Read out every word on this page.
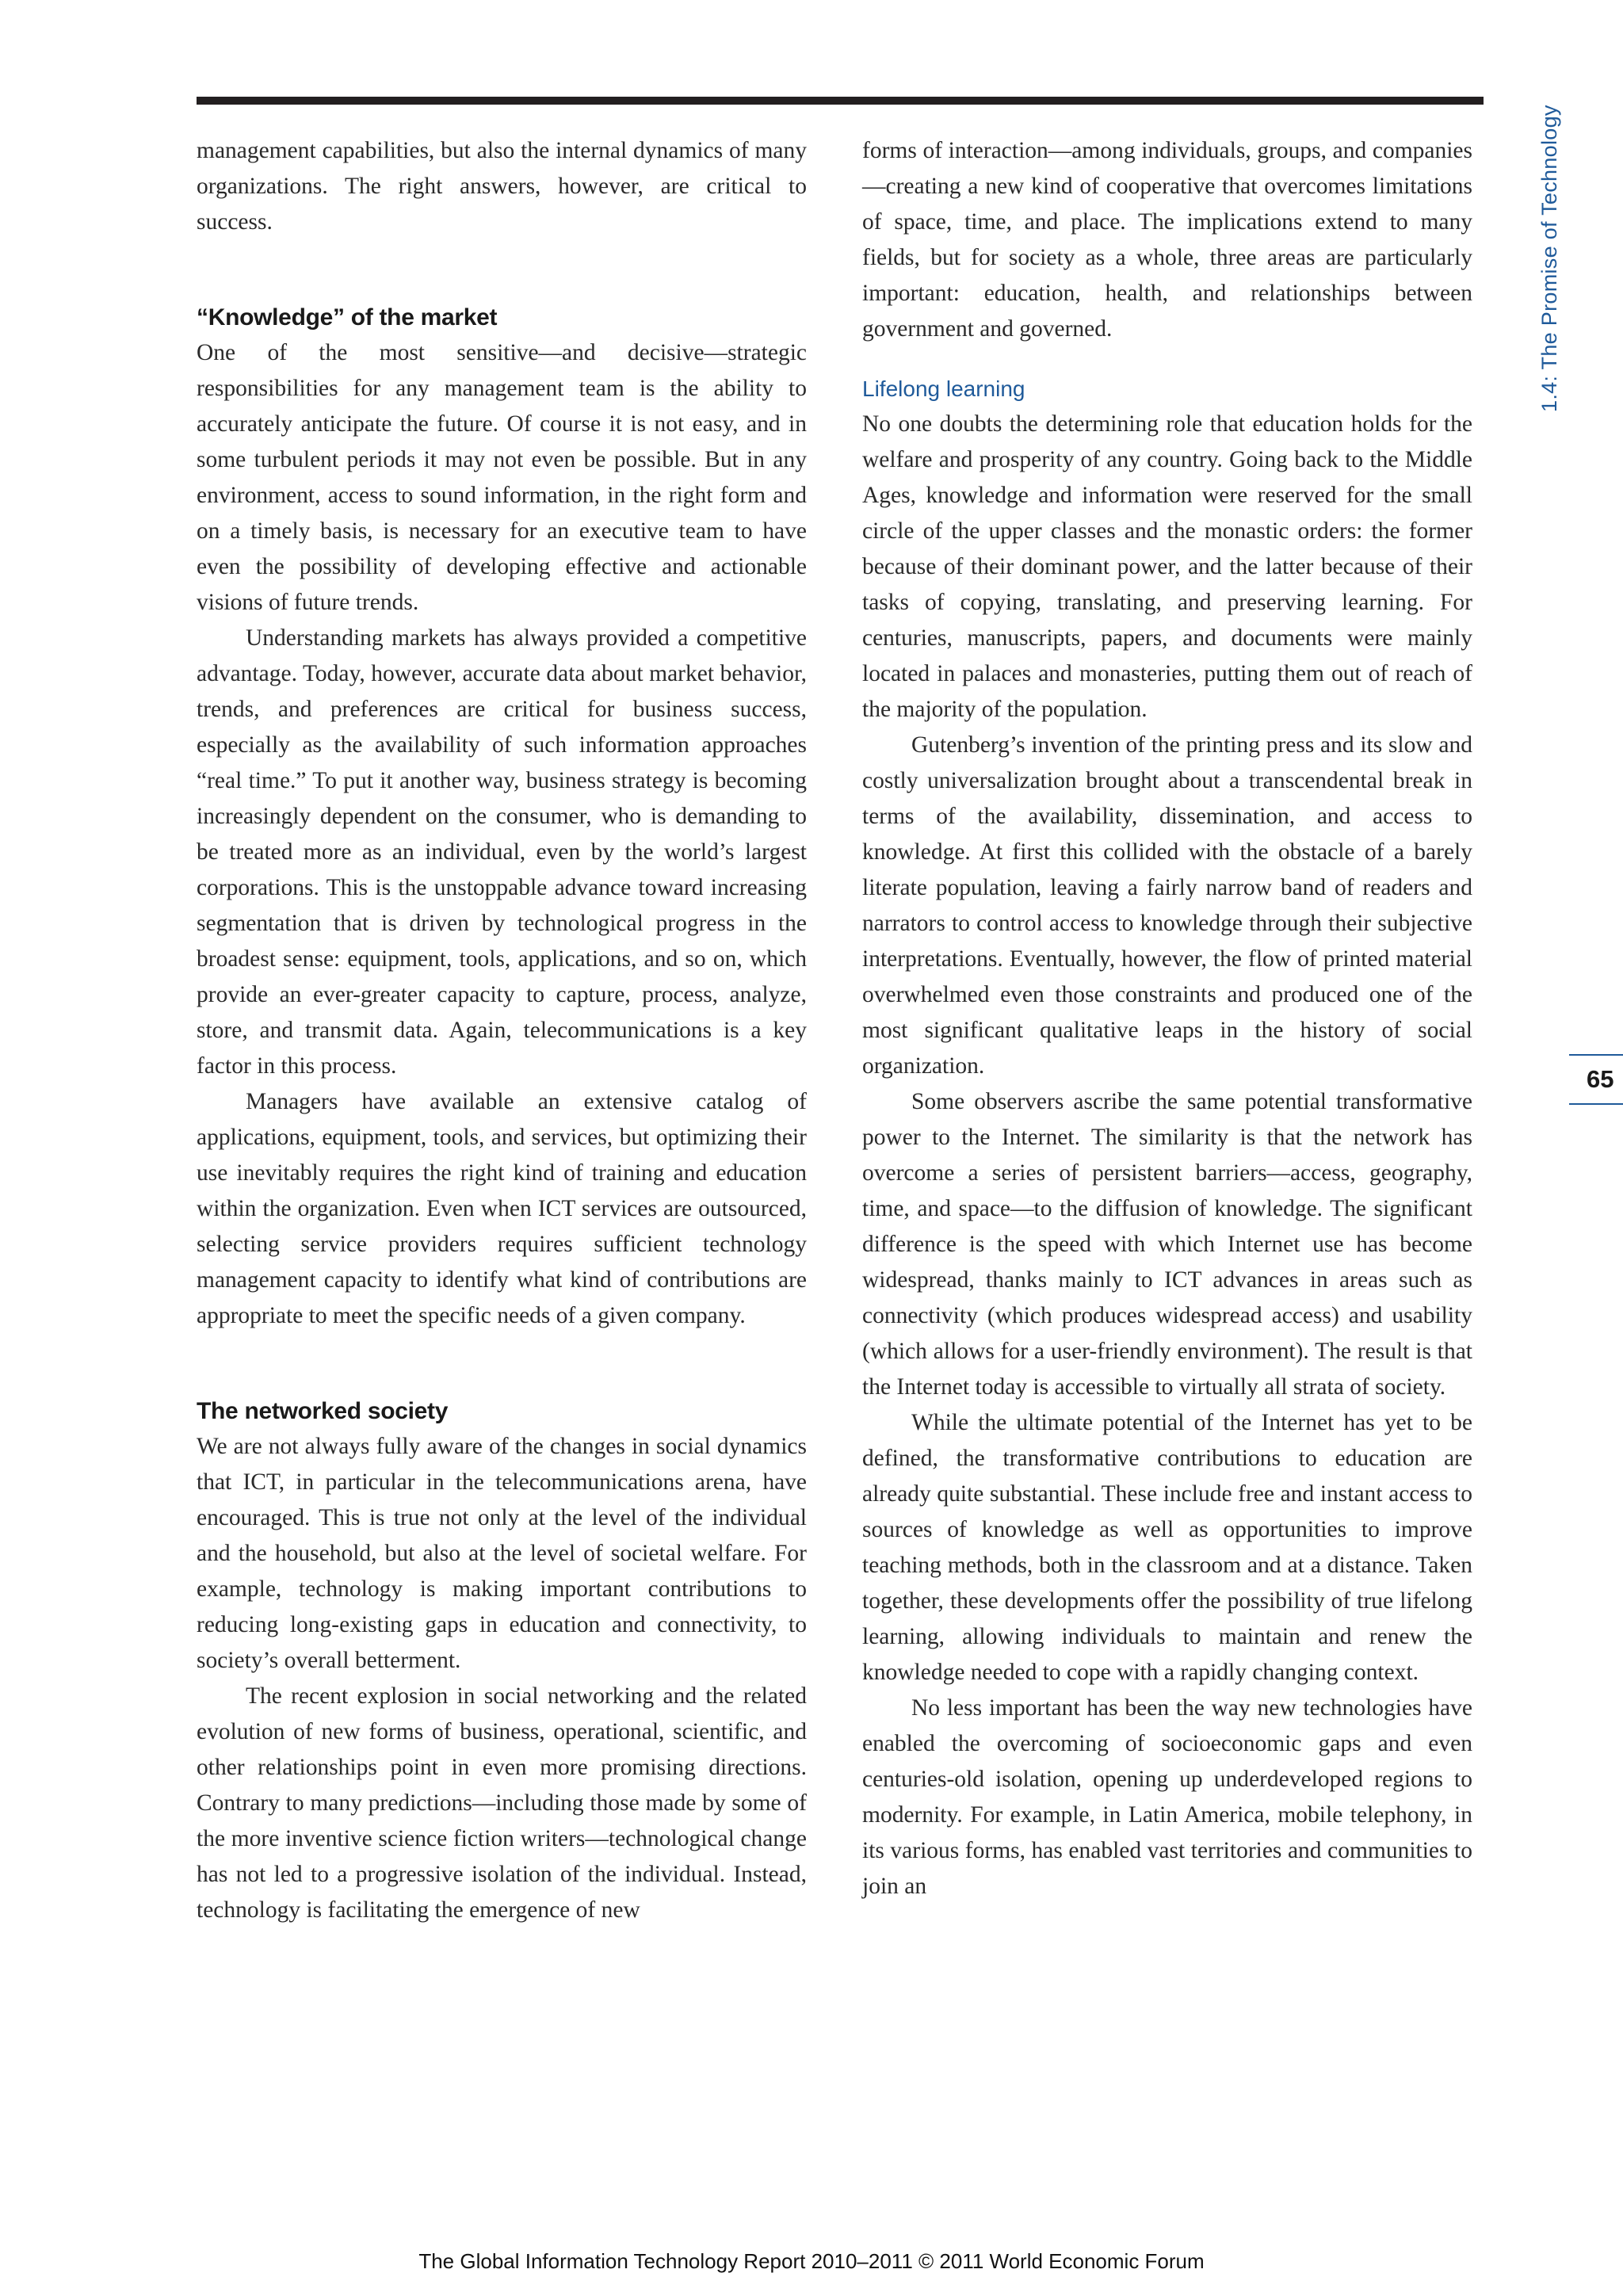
management capabilities, but also the internal dynamics of many organizations. The right answers, however, are critical to success.

“Knowledge” of the market

One of the most sensitive—and decisive—strategic responsibilities for any management team is the ability to accurately anticipate the future. Of course it is not easy, and in some turbulent periods it may not even be possible. But in any environment, access to sound information, in the right form and on a timely basis, is necessary for an executive team to have even the possibility of developing effective and actionable visions of future trends.

Understanding markets has always provided a competitive advantage. Today, however, accurate data about market behavior, trends, and preferences are critical for business success, especially as the availability of such information approaches “real time.” To put it another way, business strategy is becoming increasingly dependent on the consumer, who is demanding to be treated more as an individual, even by the world’s largest corporations. This is the unstoppable advance toward increasing segmentation that is driven by technological progress in the broadest sense: equipment, tools, applications, and so on, which provide an ever-greater capacity to capture, process, analyze, store, and transmit data. Again, telecommunications is a key factor in this process.

Managers have available an extensive catalog of applications, equipment, tools, and services, but optimizing their use inevitably requires the right kind of training and education within the organization. Even when ICT services are outsourced, selecting service providers requires sufficient technology management capacity to identify what kind of contributions are appropriate to meet the specific needs of a given company.

The networked society

We are not always fully aware of the changes in social dynamics that ICT, in particular in the telecommunications arena, have encouraged. This is true not only at the level of the individual and the household, but also at the level of societal welfare. For example, technology is making important contributions to reducing long-existing gaps in education and connectivity, to society’s overall betterment.

The recent explosion in social networking and the related evolution of new forms of business, operational, scientific, and other relationships point in even more promising directions. Contrary to many predictions—including those made by some of the more inventive science fiction writers—technological change has not led to a progressive isolation of the individual. Instead, technology is facilitating the emergence of new

forms of interaction—among individuals, groups, and companies—creating a new kind of cooperative that overcomes limitations of space, time, and place. The implications extend to many fields, but for society as a whole, three areas are particularly important: education, health, and relationships between government and governed.

Lifelong learning

No one doubts the determining role that education holds for the welfare and prosperity of any country. Going back to the Middle Ages, knowledge and information were reserved for the small circle of the upper classes and the monastic orders: the former because of their dominant power, and the latter because of their tasks of copying, translating, and preserving learning. For centuries, manuscripts, papers, and documents were mainly located in palaces and monasteries, putting them out of reach of the majority of the population.

Gutenberg’s invention of the printing press and its slow and costly universalization brought about a transcendental break in terms of the availability, dissemination, and access to knowledge. At first this collided with the obstacle of a barely literate population, leaving a fairly narrow band of readers and narrators to control access to knowledge through their subjective interpretations. Eventually, however, the flow of printed material overwhelmed even those constraints and produced one of the most significant qualitative leaps in the history of social organization.

Some observers ascribe the same potential transformative power to the Internet. The similarity is that the network has overcome a series of persistent barriers—access, geography, time, and space—to the diffusion of knowledge. The significant difference is the speed with which Internet use has become widespread, thanks mainly to ICT advances in areas such as connectivity (which produces widespread access) and usability (which allows for a user-friendly environment). The result is that the Internet today is accessible to virtually all strata of society.

While the ultimate potential of the Internet has yet to be defined, the transformative contributions to education are already quite substantial. These include free and instant access to sources of knowledge as well as opportunities to improve teaching methods, both in the classroom and at a distance. Taken together, these developments offer the possibility of true lifelong learning, allowing individuals to maintain and renew the knowledge needed to cope with a rapidly changing context.

No less important has been the way new technologies have enabled the overcoming of socioeconomic gaps and even centuries-old isolation, opening up underdeveloped regions to modernity. For example, in Latin America, mobile telephony, in its various forms, has enabled vast territories and communities to join an

1.4: The Promise of Technology
65
The Global Information Technology Report 2010–2011 © 2011 World Economic Forum
